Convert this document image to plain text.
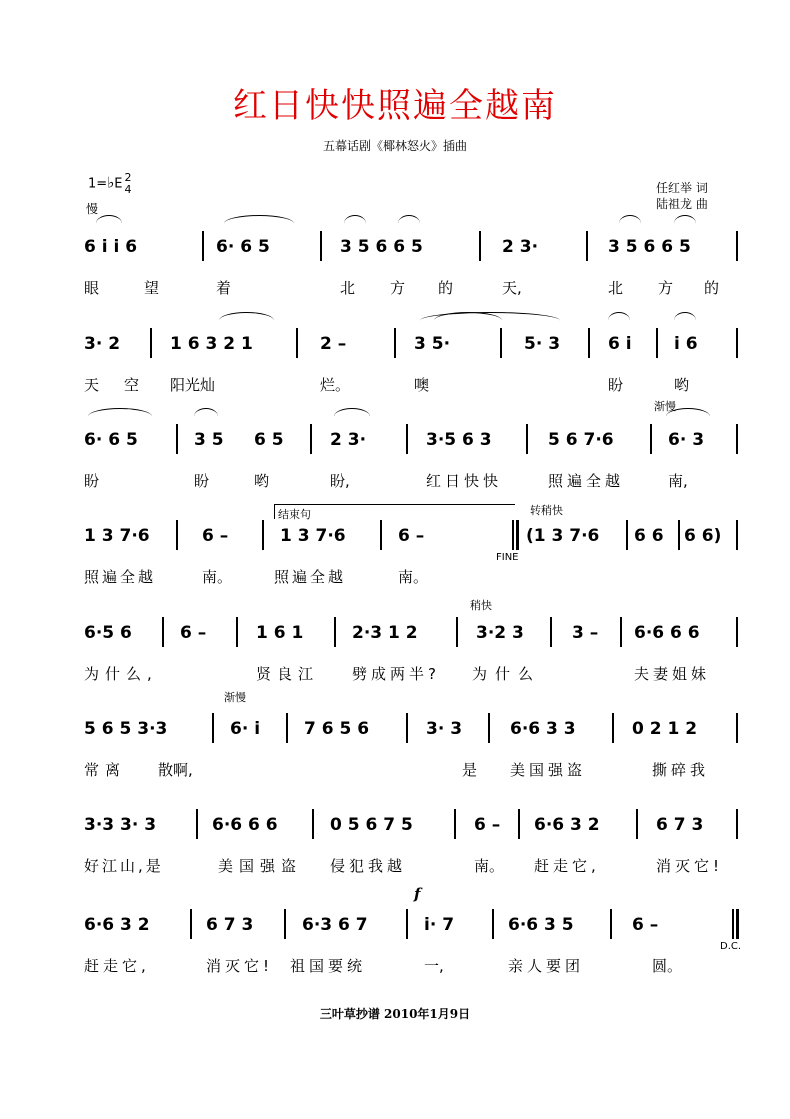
红日快快照遍全越南
五幕话剧《椰林怒火》插曲
1=♭E 2
4
慢
任红举 词
陆祖龙 曲
6 i i 6	6· 6 5	3 5 6 6 5	2 3·	3 5 6 6 5
眼	望	着	北 方 的	天,	北 方 的
3· 2	1 6 3 2 1	2 –	3 5·	5· 3	6 i i 6
天 空 阳光灿	烂。	噢	盼	哟
渐慢
6· 6 5	3 5 6 5	2 3·	3·5 6 3	5 6 7·6	6· 3
盼	盼	哟	盼,	红日快快	照遍全越	南,
结束句	转稍快
FINE
1 3 7·6	6 –	1 3 7·6	6 –	(1 3 7·6 6 6 6 6)
照遍全越	南。	照遍全越	南。
稍快
6·5 6	6 –	1 6 1	2·3 1 2	3·2 3	3 – 6·6 6 6
为什么,	贤良江 劈成两半? 为什么	夫妻姐妹
渐慢
5 6 5 3·3	6· i	7 6 5 6	3· 3	6·6 3 3	0 2 1 2
常离 散啊,	是 美国强盗	撕碎我
3·3 3· 3	6·6 6 6	0 5 6 7 5	6 – 6·6 3 2	6 7 3
好江山,是	美国强盗 侵犯我越	南。 赶走它,	消灭它!
f
D.C.
6·6 3 2	6 7 3	6·3 6 7	i· 7	6·6 3 5	6 –
赶走它,	消灭它! 祖国要统	一,	亲人要团	圆。
三叶草抄谱 2010年1月9日
